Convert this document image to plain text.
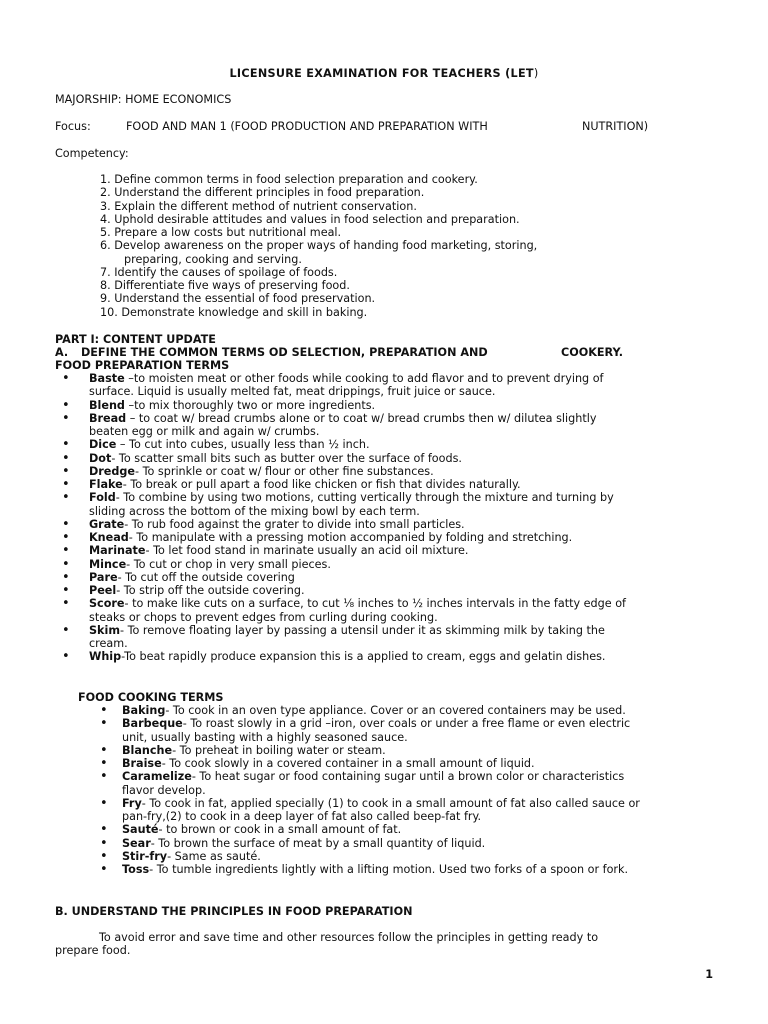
LICENSURE EXAMINATION FOR TEACHERS (LET)
MAJORSHIP: HOME ECONOMICS
Focus:	FOOD AND MAN 1 (FOOD PRODUCTION AND PREPARATION WITH	NUTRITION)
Competency:
1. Define common terms in food selection preparation and cookery.
2. Understand the different principles in food preparation.
3. Explain the different method of nutrient conservation.
4. Uphold desirable attitudes and values in food selection and preparation.
5. Prepare a low costs but nutritional meal.
6. Develop awareness on the proper ways of handing food marketing, storing,
preparing, cooking and serving.
7. Identify the causes of spoilage of foods.
8. Differentiate five ways of preserving food.
9. Understand the essential of food preservation.
10. Demonstrate knowledge and skill in baking.
PART I: CONTENT UPDATE
A. DEFINE THE COMMON TERMS OD SELECTION, PREPARATION AND	COOKERY.
FOOD PREPARATION TERMS
• Baste –to moisten meat or other foods while cooking to add flavor and to prevent drying of
surface. Liquid is usually melted fat, meat drippings, fruit juice or sauce.
• Blend –to mix thoroughly two or more ingredients.
• Bread – to coat w/ bread crumbs alone or to coat w/ bread crumbs then w/ dilutea slightly
beaten egg or milk and again w/ crumbs.
• Dice – To cut into cubes, usually less than ½ inch.
• Dot- To scatter small bits such as butter over the surface of foods.
• Dredge- To sprinkle or coat w/ flour or other fine substances.
• Flake- To break or pull apart a food like chicken or fish that divides naturally.
• Fold- To combine by using two motions, cutting vertically through the mixture and turning by
sliding across the bottom of the mixing bowl by each term.
• Grate- To rub food against the grater to divide into small particles.
• Knead- To manipulate with a pressing motion accompanied by folding and stretching.
• Marinate- To let food stand in marinate usually an acid oil mixture.
• Mince- To cut or chop in very small pieces.
• Pare- To cut off the outside covering
• Peel- To strip off the outside covering.
• Score- to make like cuts on a surface, to cut ⅛ inches to ½ inches intervals in the fatty edge of
steaks or chops to prevent edges from curling during cooking.
• Skim- To remove floating layer by passing a utensil under it as skimming milk by taking the
cream.
• Whip-To beat rapidly produce expansion this is a applied to cream, eggs and gelatin dishes.
FOOD COOKING TERMS
• Baking- To cook in an oven type appliance. Cover or an covered containers may be used.
• Barbeque- To roast slowly in a grid –iron, over coals or under a free flame or even electric
unit, usually basting with a highly seasoned sauce.
• Blanche- To preheat in boiling water or steam.
• Braise- To cook slowly in a covered container in a small amount of liquid.
• Caramelize- To heat sugar or food containing sugar until a brown color or characteristics
flavor develop.
• Fry- To cook in fat, applied specially (1) to cook in a small amount of fat also called sauce or
pan-fry,(2) to cook in a deep layer of fat also called beep-fat fry.
• Sauté- to brown or cook in a small amount of fat.
• Sear- To brown the surface of meat by a small quantity of liquid.
• Stir-fry- Same as sauté.
• Toss- To tumble ingredients lightly with a lifting motion. Used two forks of a spoon or fork.
B. UNDERSTAND THE PRINCIPLES IN FOOD PREPARATION
To avoid error and save time and other resources follow the principles in getting ready to
prepare food.
1
